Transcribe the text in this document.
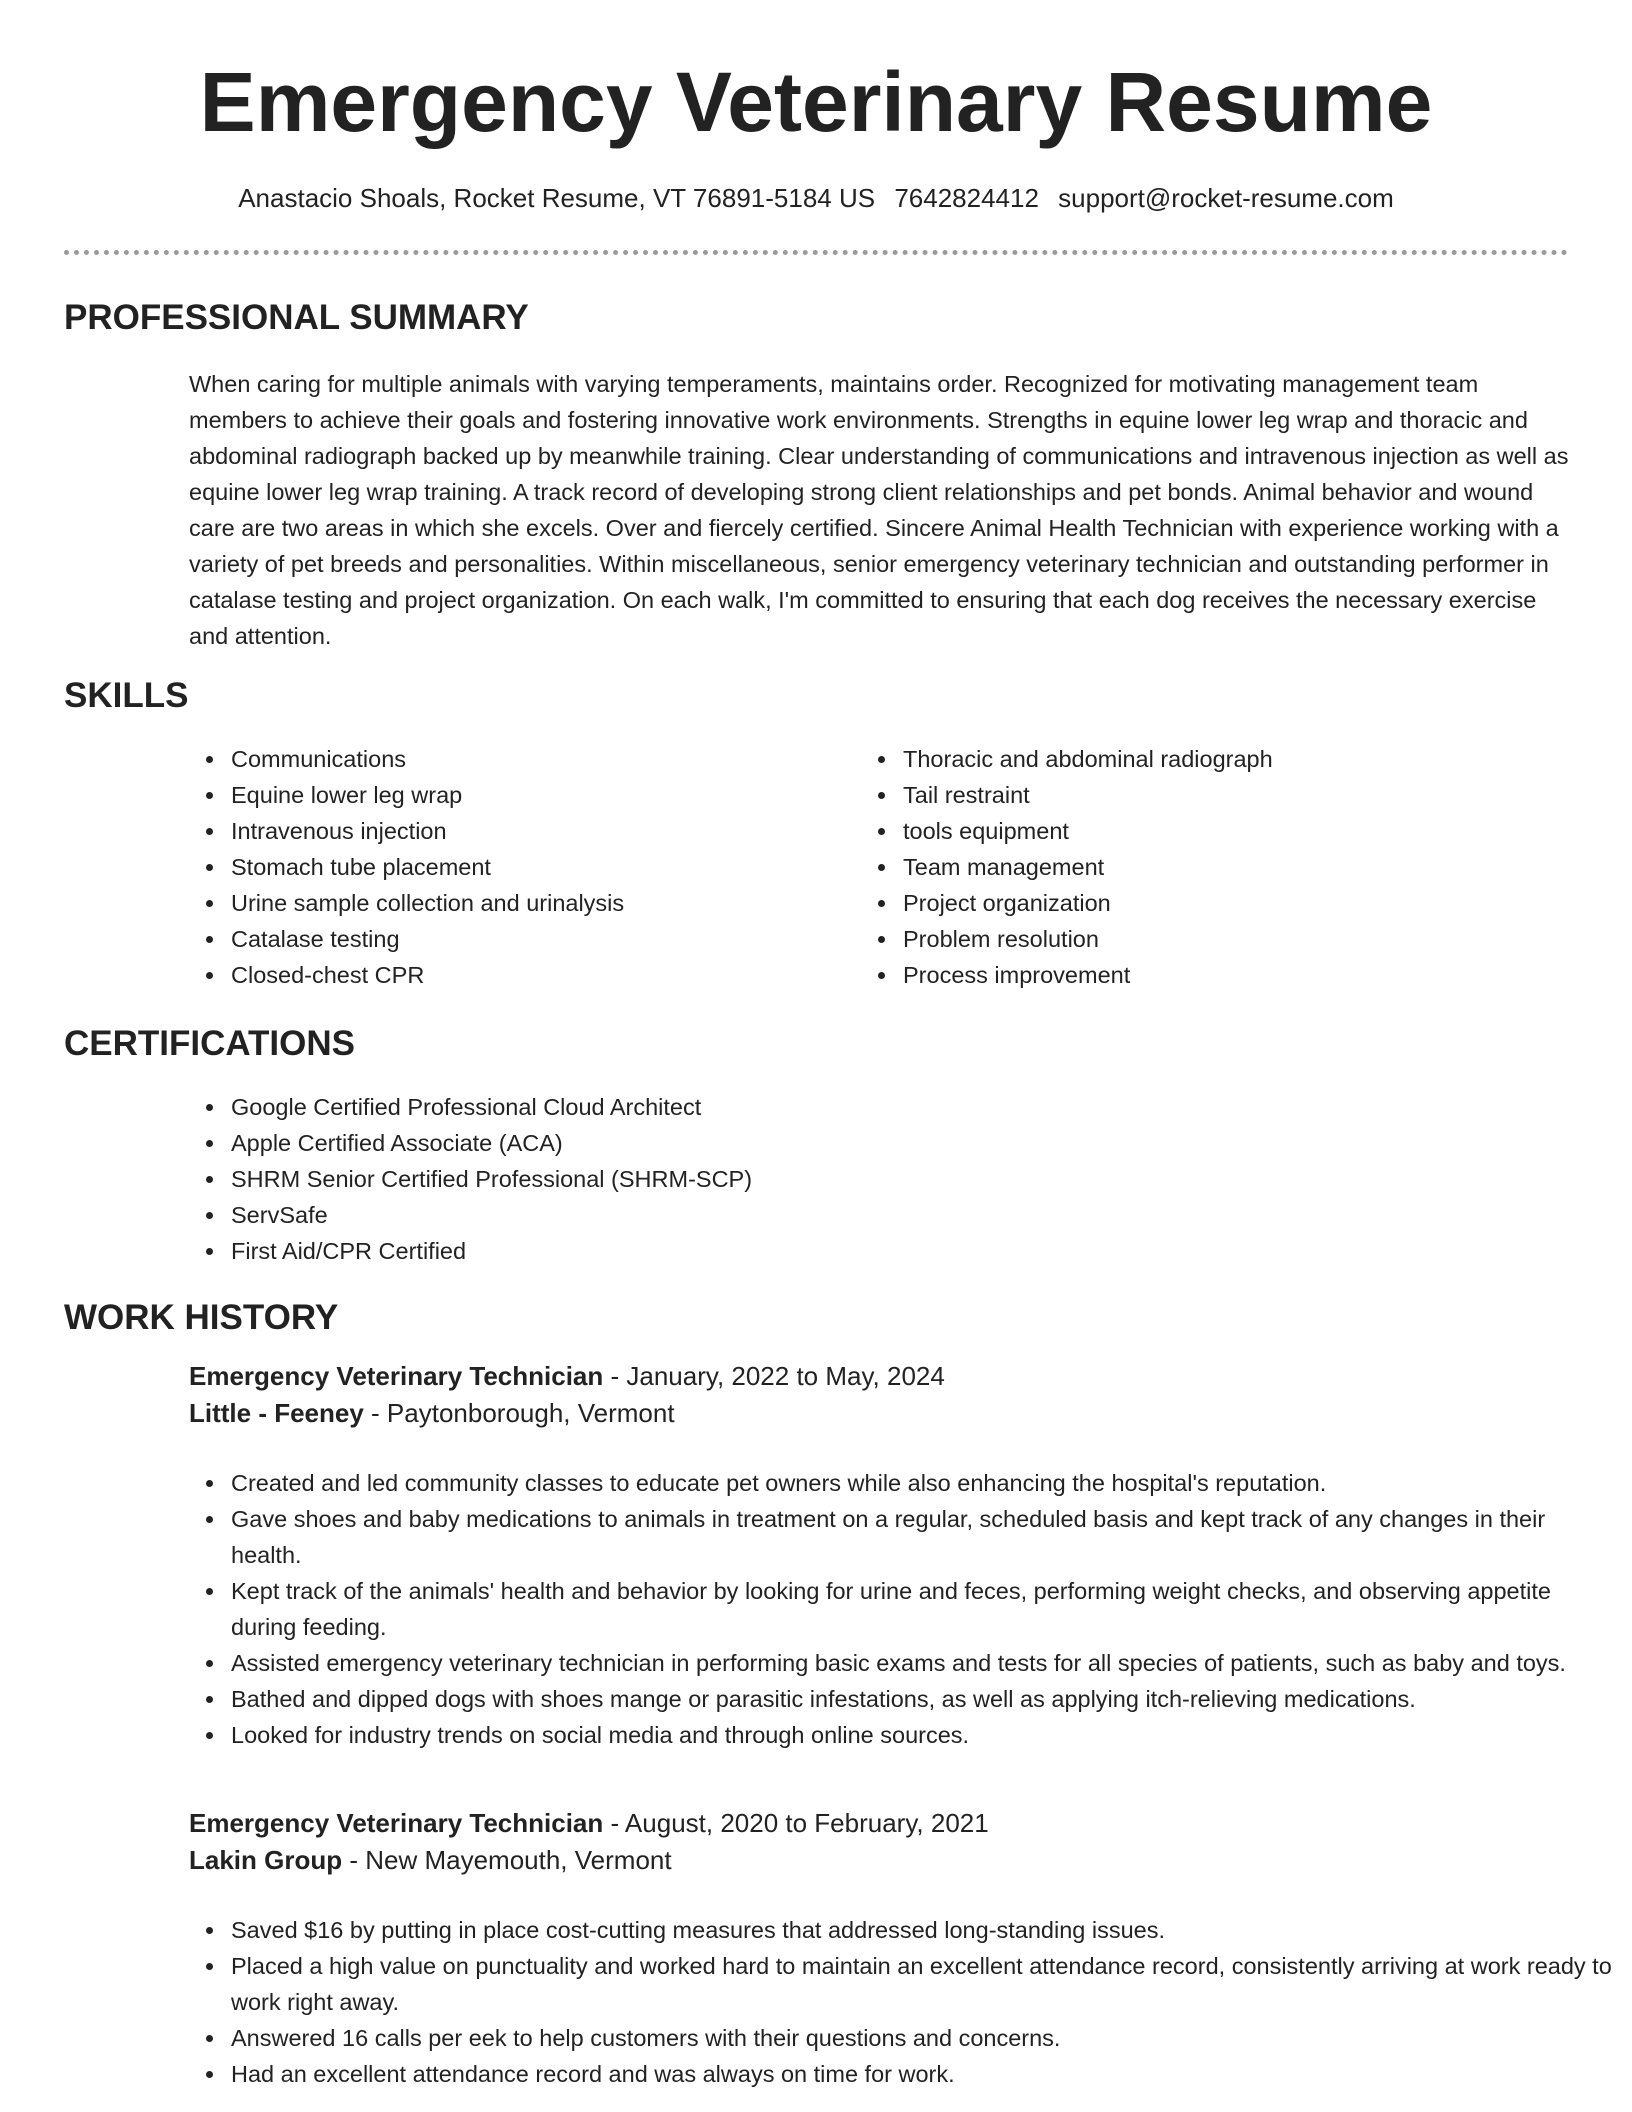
Emergency Veterinary Resume
Anastacio Shoals, Rocket Resume, VT 76891-5184 US 7642824412 support@rocket-resume.com
PROFESSIONAL SUMMARY

When caring for multiple animals with varying temperaments, maintains order. Recognized for motivating management team members to achieve their goals and fostering innovative work environments. Strengths in equine lower leg wrap and thoracic and abdominal radiograph backed up by meanwhile training. Clear understanding of communications and intravenous injection as well as equine lower leg wrap training. A track record of developing strong client relationships and pet bonds. Animal behavior and wound care are two areas in which she excels. Over and fiercely certified. Sincere Animal Health Technician with experience working with a variety of pet breeds and personalities. Within miscellaneous, senior emergency veterinary technician and outstanding performer in catalase testing and project organization. On each walk, I'm committed to ensuring that each dog receives the necessary exercise and attention.

SKILLS
Communications
Equine lower leg wrap
Intravenous injection
Stomach tube placement
Urine sample collection and urinalysis
Catalase testing
Closed-chest CPR
Thoracic and abdominal radiograph
Tail restraint
tools equipment
Team management
Project organization
Problem resolution
Process improvement
CERTIFICATIONS
Google Certified Professional Cloud Architect
Apple Certified Associate (ACA)
SHRM Senior Certified Professional (SHRM-SCP)
ServSafe
First Aid/CPR Certified
WORK HISTORY
Emergency Veterinary Technician - January, 2022 to May, 2024
Little - Feeney - Paytonborough, Vermont
Created and led community classes to educate pet owners while also enhancing the hospital's reputation.
Gave shoes and baby medications to animals in treatment on a regular, scheduled basis and kept track of any changes in their health.
Kept track of the animals' health and behavior by looking for urine and feces, performing weight checks, and observing appetite during feeding.
Assisted emergency veterinary technician in performing basic exams and tests for all species of patients, such as baby and toys.
Bathed and dipped dogs with shoes mange or parasitic infestations, as well as applying itch-relieving medications.
Looked for industry trends on social media and through online sources.
Emergency Veterinary Technician - August, 2020 to February, 2021
Lakin Group - New Mayemouth, Vermont
Saved $16 by putting in place cost-cutting measures that addressed long-standing issues.
Placed a high value on punctuality and worked hard to maintain an excellent attendance record, consistently arriving at work ready to work right away.
Answered 16 calls per eek to help customers with their questions and concerns.
Had an excellent attendance record and was always on time for work.
